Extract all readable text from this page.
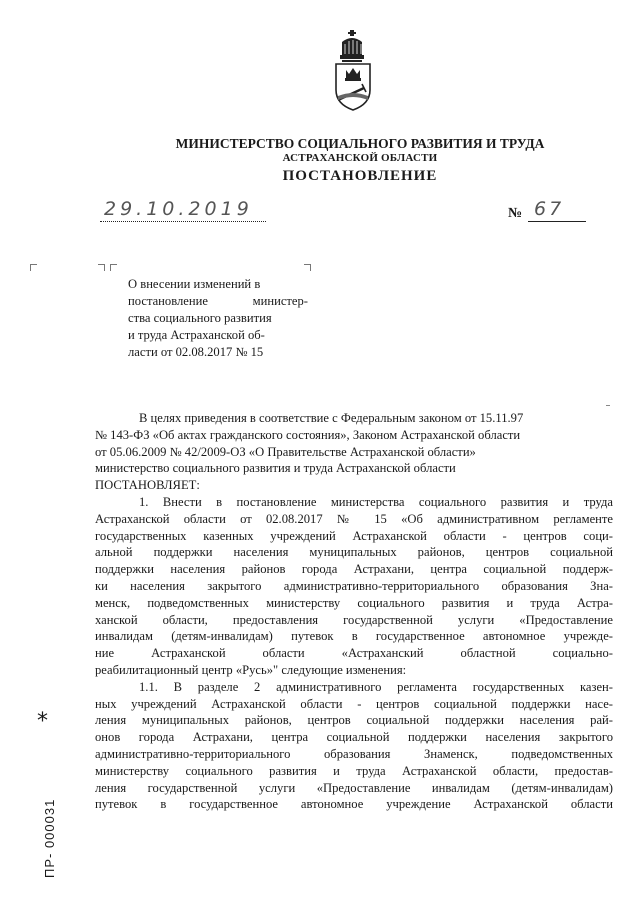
МИНИСТЕРСТВО СОЦИАЛЬНОГО РАЗВИТИЯ И ТРУДА
АСТРАХАНСКОЙ ОБЛАСТИ
ПОСТАНОВЛЕНИЕ
29.10.2019	№ 67
О внесении изменений в
постановление министер-
ства социального развития
и труда Астраханской об-
ласти от 02.08.2017 № 15
В целях приведения в соответствие с Федеральным законом от 15.11.97
№ 143-ФЗ «Об актах гражданского состояния», Законом Астраханской области
от 05.06.2009 № 42/2009-ОЗ «О Правительстве Астраханской области»
министерство социального развития и труда Астраханской области
ПОСТАНОВЛЯЕТ:
1. Внести в постановление министерства социального развития и труда
Астраханской области от 02.08.2017 № 15 «Об административном регламенте
государственных казенных учреждений Астраханской области - центров соци-
альной поддержки населения муниципальных районов, центров социальной
поддержки населения районов города Астрахани, центра социальной поддерж-
ки населения закрытого административно-территориального образования Зна-
менск, подведомственных министерству социального развития и труда Астра-
ханской области, предоставления государственной услуги «Предоставление
инвалидам (детям-инвалидам) путевок в государственное автономное учрежде-
ние Астраханской области «Астраханский областной социально-
реабилитационный центр «Русь»" следующие изменения:
1.1. В разделе 2 административного регламента государственных казен-
ных учреждений Астраханской области - центров социальной поддержки насе-
ления муниципальных районов, центров социальной поддержки населения рай-
онов города Астрахани, центра социальной поддержки населения закрытого
административно-территориального образования Знаменск, подведомственных
министерству социального развития и труда Астраханской области, предостав-
ления государственной услуги «Предоставление инвалидам (детям-инвалидам)
путевок в государственное автономное учреждение Астраханской области
*
ПР- 000031
